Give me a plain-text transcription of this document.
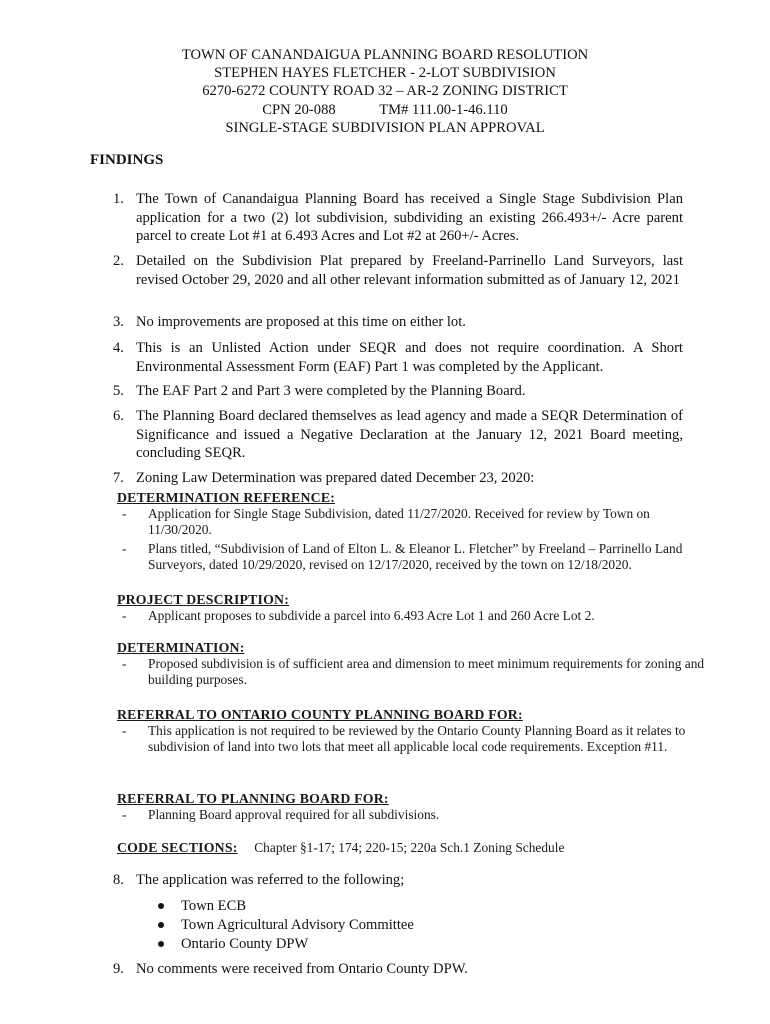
TOWN OF CANANDAIGUA PLANNING BOARD RESOLUTION
STEPHEN HAYES FLETCHER - 2-LOT SUBDIVISION
6270-6272 COUNTY ROAD 32 – AR-2 ZONING DISTRICT
CPN 20-088            TM# 111.00-1-46.110
SINGLE-STAGE SUBDIVISION PLAN APPROVAL
FINDINGS
1. The Town of Canandaigua Planning Board has received a Single Stage Subdivision Plan application for a two (2) lot subdivision, subdividing an existing 266.493+/- Acre parent parcel to create Lot #1 at 6.493 Acres and Lot #2 at 260+/- Acres.
2. Detailed on the Subdivision Plat prepared by Freeland-Parrinello Land Surveyors, last revised October 29, 2020 and all other relevant information submitted as of January 12, 2021
3. No improvements are proposed at this time on either lot.
4. This is an Unlisted Action under SEQR and does not require coordination. A Short Environmental Assessment Form (EAF) Part 1 was completed by the Applicant.
5. The EAF Part 2 and Part 3 were completed by the Planning Board.
6. The Planning Board declared themselves as lead agency and made a SEQR Determination of Significance and issued a Negative Declaration at the January 12, 2021 Board meeting, concluding SEQR.
7. Zoning Law Determination was prepared dated December 23, 2020:
DETERMINATION REFERENCE:
- Application for Single Stage Subdivision, dated 11/27/2020. Received for review by Town on 11/30/2020.
- Plans titled, “Subdivision of Land of Elton L. & Eleanor L. Fletcher” by Freeland – Parrinello Land Surveyors, dated 10/29/2020, revised on 12/17/2020, received by the town on 12/18/2020.
PROJECT DESCRIPTION:
- Applicant proposes to subdivide a parcel into 6.493 Acre Lot 1 and 260 Acre Lot 2.
DETERMINATION:
- Proposed subdivision is of sufficient area and dimension to meet minimum requirements for zoning and building purposes.
REFERRAL TO ONTARIO COUNTY PLANNING BOARD FOR:
- This application is not required to be reviewed by the Ontario County Planning Board as it relates to subdivision of land into two lots that meet all applicable local code requirements. Exception #11.
REFERRAL TO PLANNING BOARD FOR:
- Planning Board approval required for all subdivisions.
CODE SECTIONS: Chapter §1-17; 174; 220-15; 220a Sch.1 Zoning Schedule
8. The application was referred to the following;
Town ECB
Town Agricultural Advisory Committee
Ontario County DPW
9. No comments were received from Ontario County DPW.
